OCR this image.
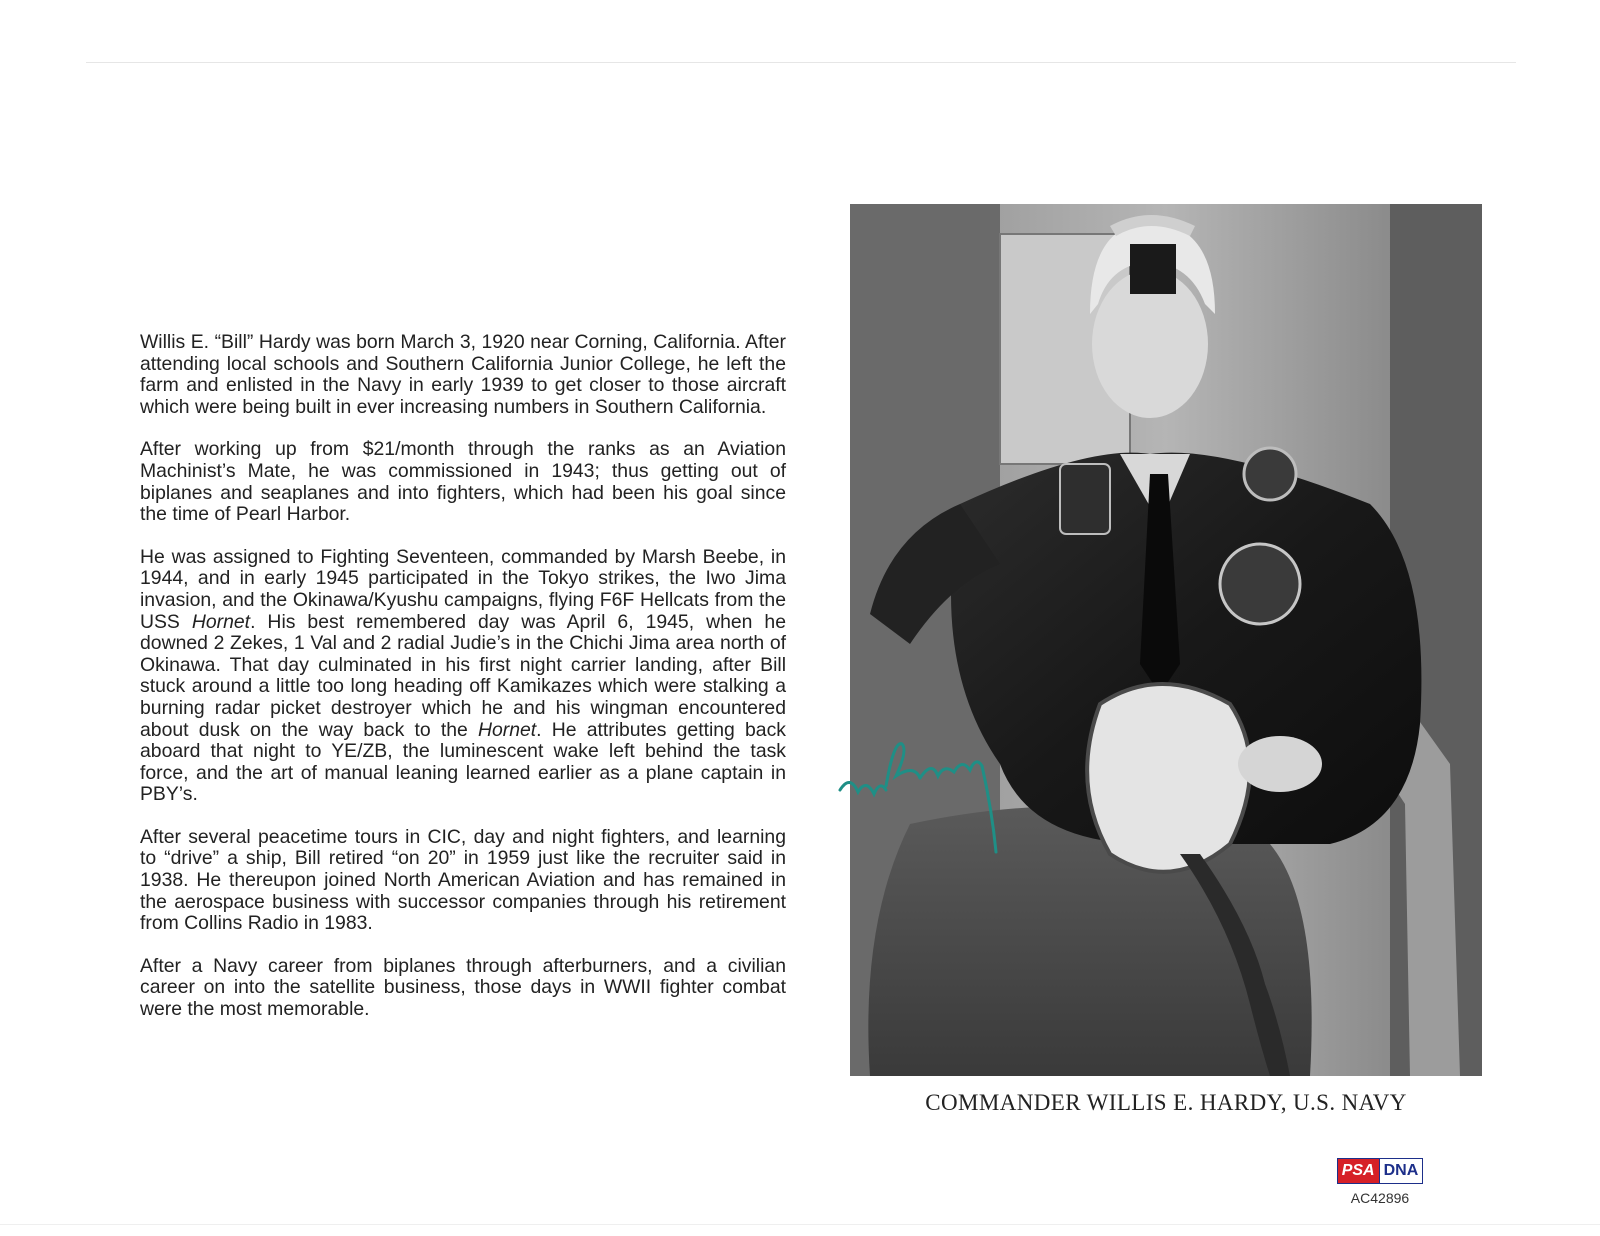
Willis E. “Bill” Hardy was born March 3, 1920 near Corning, California. After attending local schools and Southern California Junior College, he left the farm and enlisted in the Navy in early 1939 to get closer to those aircraft which were being built in ever increasing numbers in Southern California.

After working up from $21/month through the ranks as an Aviation Machinist’s Mate, he was commissioned in 1943; thus getting out of biplanes and seaplanes and into fighters, which had been his goal since the time of Pearl Harbor.

He was assigned to Fighting Seventeen, commanded by Marsh Beebe, in 1944, and in early 1945 participated in the Tokyo strikes, the Iwo Jima invasion, and the Okinawa/Kyushu campaigns, flying F6F Hellcats from the USS Hornet. His best remembered day was April 6, 1945, when he downed 2 Zekes, 1 Val and 2 radial Judie’s in the Chichi Jima area north of Okinawa. That day culminated in his first night carrier landing, after Bill stuck around a little too long heading off Kamikazes which were stalking a burning radar picket destroyer which he and his wingman encountered about dusk on the way back to the Hornet. He attributes getting back aboard that night to YE/ZB, the luminescent wake left behind the task force, and the art of manual leaning learned earlier as a plane captain in PBY’s.

After several peacetime tours in CIC, day and night fighters, and learning to “drive” a ship, Bill retired “on 20” in 1959 just like the recruiter said in 1938. He thereupon joined North American Aviation and has remained in the aerospace business with successor companies through his retirement from Collins Radio in 1983.

After a Navy career from biplanes through afterburners, and a civilian career on into the satellite business, those days in WWII fighter combat were the most memorable.

COMMANDER WILLIS E. HARDY, U.S. NAVY
PSA DNA
AC42896
